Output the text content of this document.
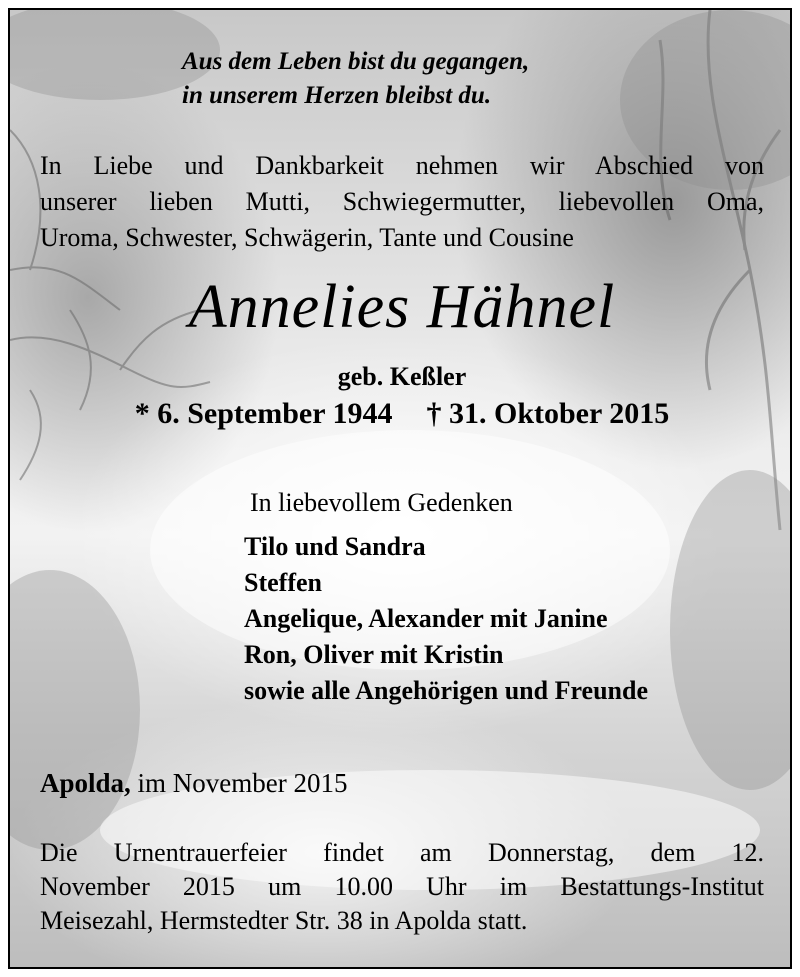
Aus dem Leben bist du gegangen,
in unserem Herzen bleibst du.
In Liebe und Dankbarkeit nehmen wir Abschied von
unserer lieben Mutti, Schwiegermutter, liebevollen Oma,
Uroma, Schwester, Schwägerin, Tante und Cousine
Annelies Hähnel
geb. Keßler
* 6. September 1944 † 31. Oktober 2015
In liebevollem Gedenken
Tilo und Sandra
Steffen
Angelique, Alexander mit Janine
Ron, Oliver mit Kristin
sowie alle Angehörigen und Freunde
Apolda, im November 2015
Die Urnentrauerfeier findet am Donnerstag, dem 12.
November 2015 um 10.00 Uhr im Bestattungs-Institut
Meisezahl, Hermstedter Str. 38 in Apolda statt.
